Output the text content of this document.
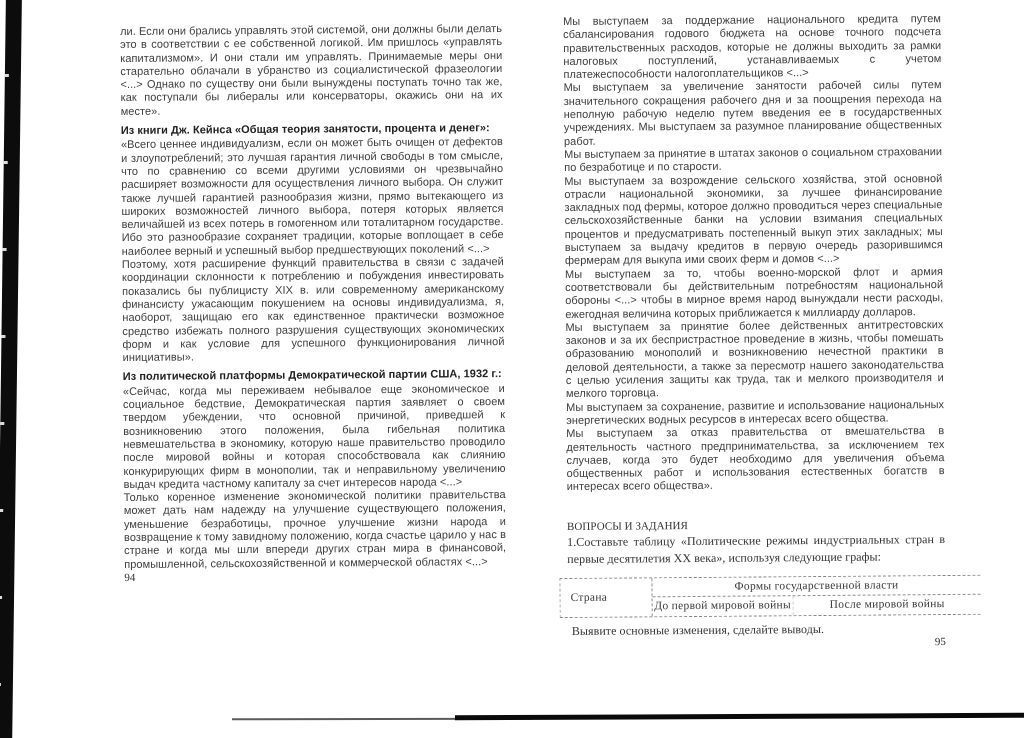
ли. Если они брались управлять этой системой, они должны были делать это в соответствии с ее собственной логикой. Им пришлось «управлять капитализмом». И они стали им управлять. Принимаемые меры они старательно облачали в убранство из социалистической фразеологии <...> Однако по существу они были вынуждены поступать точно так же, как поступали бы либералы или консерваторы, окажись они на их месте».

Из книги Дж. Кейнса «Общая теория занятости, процента и денег»:

«Всего ценнее индивидуализм, если он может быть очищен от дефектов и злоупотреблений; это лучшая гарантия личной свободы в том смысле, что по сравнению со всеми другими условиями он чрезвычайно расширяет возможности для осуществления личного выбора. Он служит также лучшей гарантией разнообразия жизни, прямо вытекающего из широких возможностей личного выбора, потеря которых является величайшей из всех потерь в гомогенном или тоталитарном государстве. Ибо это разнообразие сохраняет традиции, которые воплощает в себе наиболее верный и успешный выбор предшествующих поколений <...>

Поэтому, хотя расширение функций правительства в связи с задачей координации склонности к потреблению и побуждения инвестировать показались бы публицисту XIX в. или современному американскому финансисту ужасающим покушением на основы индивидуализма, я, наоборот, защищаю его как единственное практически возможное средство избежать полного разрушения существующих экономических форм и как условие для успешного функционирования личной инициативы».

Из политической платформы Демократической партии США, 1932 г.:

«Сейчас, когда мы переживаем небывалое еще экономическое и социальное бедствие, Демократическая партия заявляет о своем твердом убеждении, что основной причиной, приведшей к возникновению этого положения, была гибельная политика невмешательства в экономику, которую наше правительство проводило после мировой войны и которая способствовала как слиянию конкурирующих фирм в монополии, так и неправильному увеличению выдач кредита частному капиталу за счет интересов народа <...>

Только коренное изменение экономической политики правительства может дать нам надежду на улучшение существующего положения, уменьшение безработицы, прочное улучшение жизни народа и возвращение к тому завидному положению, когда счастье царило у нас в стране и когда мы шли впереди других стран мира в финансовой, промышленной, сельскохозяйственной и коммерческой областях <...>

94

Мы выступаем за поддержание национального кредита путем сбалансирования годового бюджета на основе точного подсчета правительственных расходов, которые не должны выходить за рамки налоговых поступлений, устанавливаемых с учетом платежеспособности налогоплательщиков <...>

Мы выступаем за увеличение занятости рабочей силы путем значительного сокращения рабочего дня и за поощрения перехода на неполную рабочую неделю путем введения ее в государственных учреждениях. Мы выступаем за разумное планирование общественных работ.

Мы выступаем за принятие в штатах законов о социальном страховании по безработице и по старости.

Мы выступаем за возрождение сельского хозяйства, этой основной отрасли национальной экономики, за лучшее финансирование закладных под фермы, которое должно проводиться через специальные сельскохозяйственные банки на условии взимания специальных процентов и предусматривать постепенный выкуп этих закладных; мы выступаем за выдачу кредитов в первую очередь разорившимся фермерам для выкупа ими своих ферм и домов <...>

Мы выступаем за то, чтобы военно-морской флот и армия соответствовали бы действительным потребностям национальной обороны <...> чтобы в мирное время народ вынуждали нести расходы, ежегодная величина которых приближается к миллиарду долларов.

Мы выступаем за принятие более действенных антитрестовских законов и за их беспристрастное проведение в жизнь, чтобы помешать образованию монополий и возникновению нечестной практики в деловой деятельности, а также за пересмотр нашего законодательства с целью усиления защиты как труда, так и мелкого производителя и мелкого торговца.

Мы выступаем за сохранение, развитие и использование национальных энергетических водных ресурсов в интересах всего общества.

Мы выступаем за отказ правительства от вмешательства в деятельность частного предпринимательства, за исключением тех случаев, когда это будет необходимо для увеличения объема общественных работ и использования естественных богатств в интересах всего общества».

ВОПРОСЫ И ЗАДАНИЯ

1.Составьте таблицу «Политические режимы индустриальных стран в первые десятилетия XX века», используя следующие графы:

Страна
Формы государственной власти
До первой мировой войны	После мировой войны

Выявите основные изменения, сделайте выводы.

95
